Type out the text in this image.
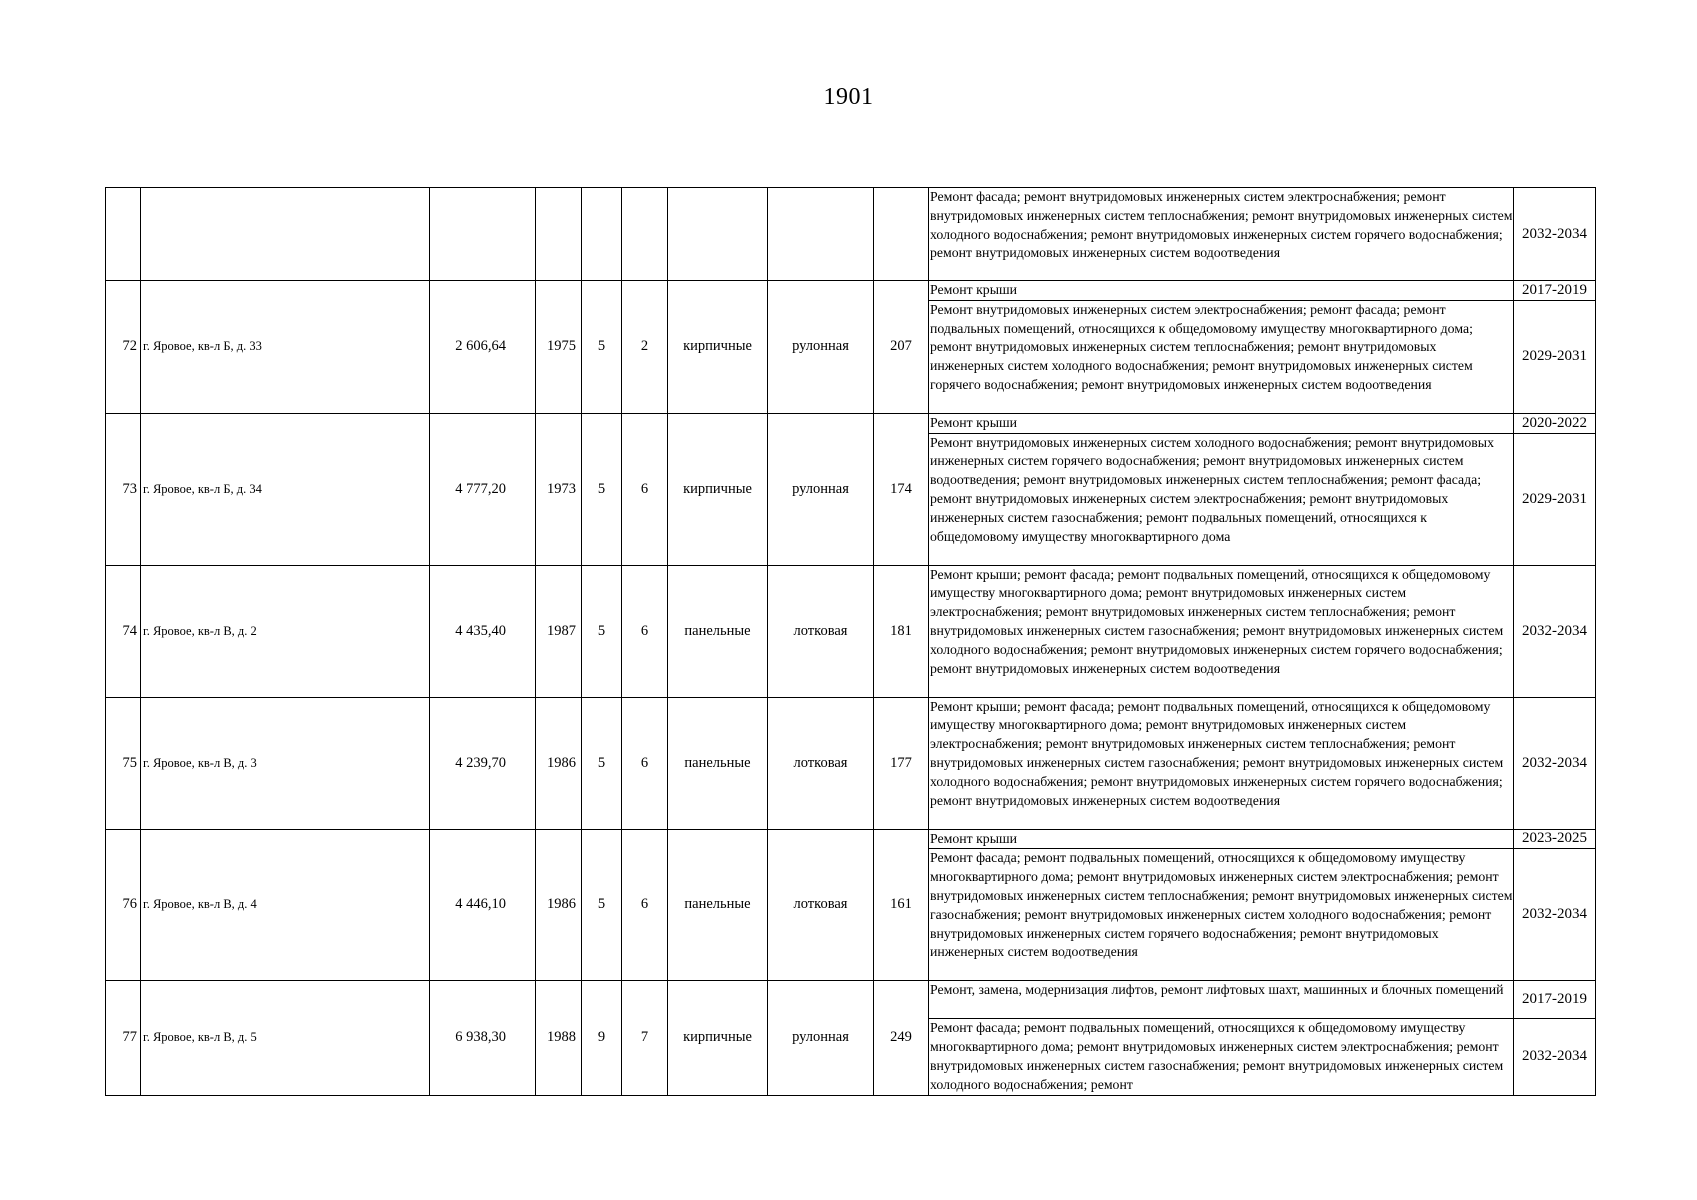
1901
									Ремонт фасада; ремонт внутридомовых инженерных систем электроснабжения; ремонт внутридомовых инженерных систем теплоснабжения; ремонт внутридомовых инженерных систем холодного водоснабжения; ремонт внутридомовых инженерных систем горячего водоснабжения; ремонт внутридомовых инженерных систем водоотведения	2032-2034
72	г. Яровое, кв-л Б, д. 33	2 606,64	1975	5	2	кирпичные	рулонная	207	Ремонт крыши	2017-2019
									Ремонт внутридомовых инженерных систем электроснабжения; ремонт фасада; ремонт подвальных помещений, относящихся к общедомовому имуществу многоквартирного дома; ремонт внутридомовых инженерных систем теплоснабжения; ремонт внутридомовых инженерных систем холодного водоснабжения; ремонт внутридомовых инженерных систем горячего водоснабжения; ремонт внутридомовых инженерных систем водоотведения	2029-2031
73	г. Яровое, кв-л Б, д. 34	4 777,20	1973	5	6	кирпичные	рулонная	174	Ремонт крыши	2020-2022
									Ремонт внутридомовых инженерных систем холодного водоснабжения; ремонт внутридомовых инженерных систем горячего водоснабжения; ремонт внутридомовых инженерных систем водоотведения; ремонт внутридомовых инженерных систем теплоснабжения; ремонт фасада; ремонт внутридомовых инженерных систем электроснабжения; ремонт внутридомовых инженерных систем газоснабжения; ремонт подвальных помещений, относящихся к общедомовому имуществу многоквартирного дома	2029-2031
74	г. Яровое, кв-л В, д. 2	4 435,40	1987	5	6	панельные	лотковая	181	Ремонт крыши; ремонт фасада; ремонт подвальных помещений, относящихся к общедомовому имуществу многоквартирного дома; ремонт внутридомовых инженерных систем электроснабжения; ремонт внутридомовых инженерных систем теплоснабжения; ремонт внутридомовых инженерных систем газоснабжения; ремонт внутридомовых инженерных систем холодного водоснабжения; ремонт внутридомовых инженерных систем горячего водоснабжения; ремонт внутридомовых инженерных систем водоотведения	2032-2034
75	г. Яровое, кв-л В, д. 3	4 239,70	1986	5	6	панельные	лотковая	177	Ремонт крыши; ремонт фасада; ремонт подвальных помещений, относящихся к общедомовому имуществу многоквартирного дома; ремонт внутридомовых инженерных систем электроснабжения; ремонт внутридомовых инженерных систем теплоснабжения; ремонт внутридомовых инженерных систем газоснабжения; ремонт внутридомовых инженерных систем холодного водоснабжения; ремонт внутридомовых инженерных систем горячего водоснабжения; ремонт внутридомовых инженерных систем водоотведения	2032-2034
76	г. Яровое, кв-л В, д. 4	4 446,10	1986	5	6	панельные	лотковая	161	Ремонт крыши	2023-2025
									Ремонт фасада; ремонт подвальных помещений, относящихся к общедомовому имуществу многоквартирного дома; ремонт внутридомовых инженерных систем электроснабжения; ремонт внутридомовых инженерных систем теплоснабжения; ремонт внутридомовых инженерных систем газоснабжения; ремонт внутридомовых инженерных систем холодного водоснабжения; ремонт внутридомовых инженерных систем горячего водоснабжения; ремонт внутридомовых инженерных систем водоотведения	2032-2034
77	г. Яровое, кв-л В, д. 5	6 938,30	1988	9	7	кирпичные	рулонная	249	Ремонт, замена, модернизация лифтов, ремонт лифтовых шахт, машинных и блочных помещений	2017-2019
									Ремонт фасада; ремонт подвальных помещений, относящихся к общедомовому имуществу многоквартирного дома; ремонт внутридомовых инженерных систем электроснабжения; ремонт внутридомовых инженерных систем газоснабжения; ремонт внутридомовых инженерных систем холодного водоснабжения; ремонт	2032-2034
